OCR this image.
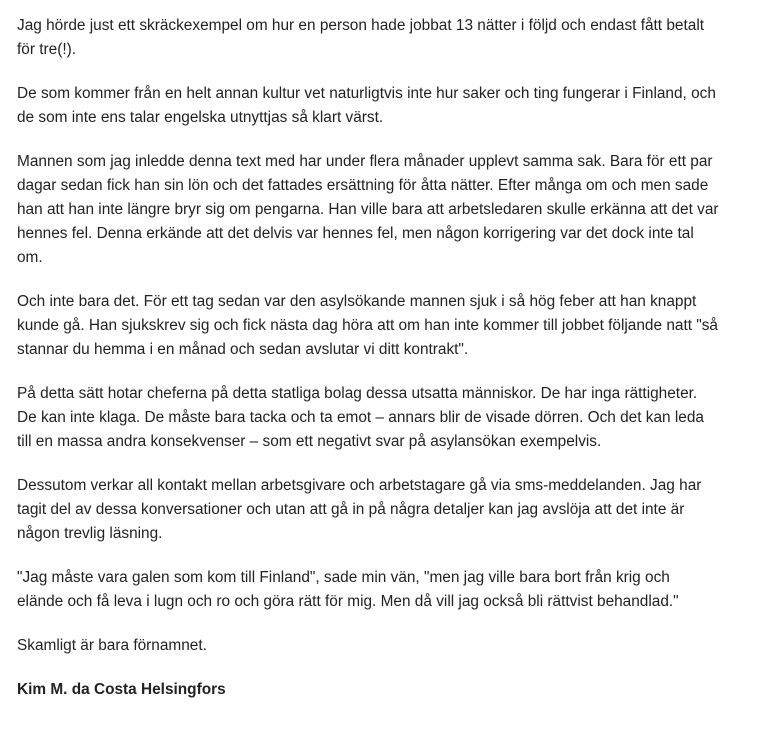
Jag hörde just ett skräckexempel om hur en person hade jobbat 13 nätter i följd och endast fått betalt för tre(!).

De som kommer från en helt annan kultur vet naturligtvis inte hur saker och ting fungerar i Finland, och de som inte ens talar engelska utnyttjas så klart värst.

Mannen som jag inledde denna text med har under flera månader upplevt samma sak. Bara för ett par dagar sedan fick han sin lön och det fattades ersättning för åtta nätter. Efter många om och men sade han att han inte längre bryr sig om pengarna. Han ville bara att arbetsledaren skulle erkänna att det var hennes fel. Denna erkände att det delvis var hennes fel, men någon korrigering var det dock inte tal om.

Och inte bara det. För ett tag sedan var den asylsökande mannen sjuk i så hög feber att han knappt kunde gå. Han sjukskrev sig och fick nästa dag höra att om han inte kommer till jobbet följande natt "så stannar du hemma i en månad och sedan avslutar vi ditt kontrakt".

På detta sätt hotar cheferna på detta statliga bolag dessa utsatta människor. De har inga rättigheter. De kan inte klaga. De måste bara tacka och ta emot – annars blir de visade dörren. Och det kan leda till en massa andra konsekvenser – som ett negativt svar på asylansökan exempelvis.

Dessutom verkar all kontakt mellan arbetsgivare och arbetstagare gå via sms-meddelanden. Jag har tagit del av dessa konversationer och utan att gå in på några detaljer kan jag avslöja att det inte är någon trevlig läsning.

"Jag måste vara galen som kom till Finland", sade min vän, "men jag ville bara bort från krig och elände och få leva i lugn och ro och göra rätt för mig. Men då vill jag också bli rättvist behandlad."

Skamligt är bara förnamnet.

Kim M. da Costa Helsingfors
